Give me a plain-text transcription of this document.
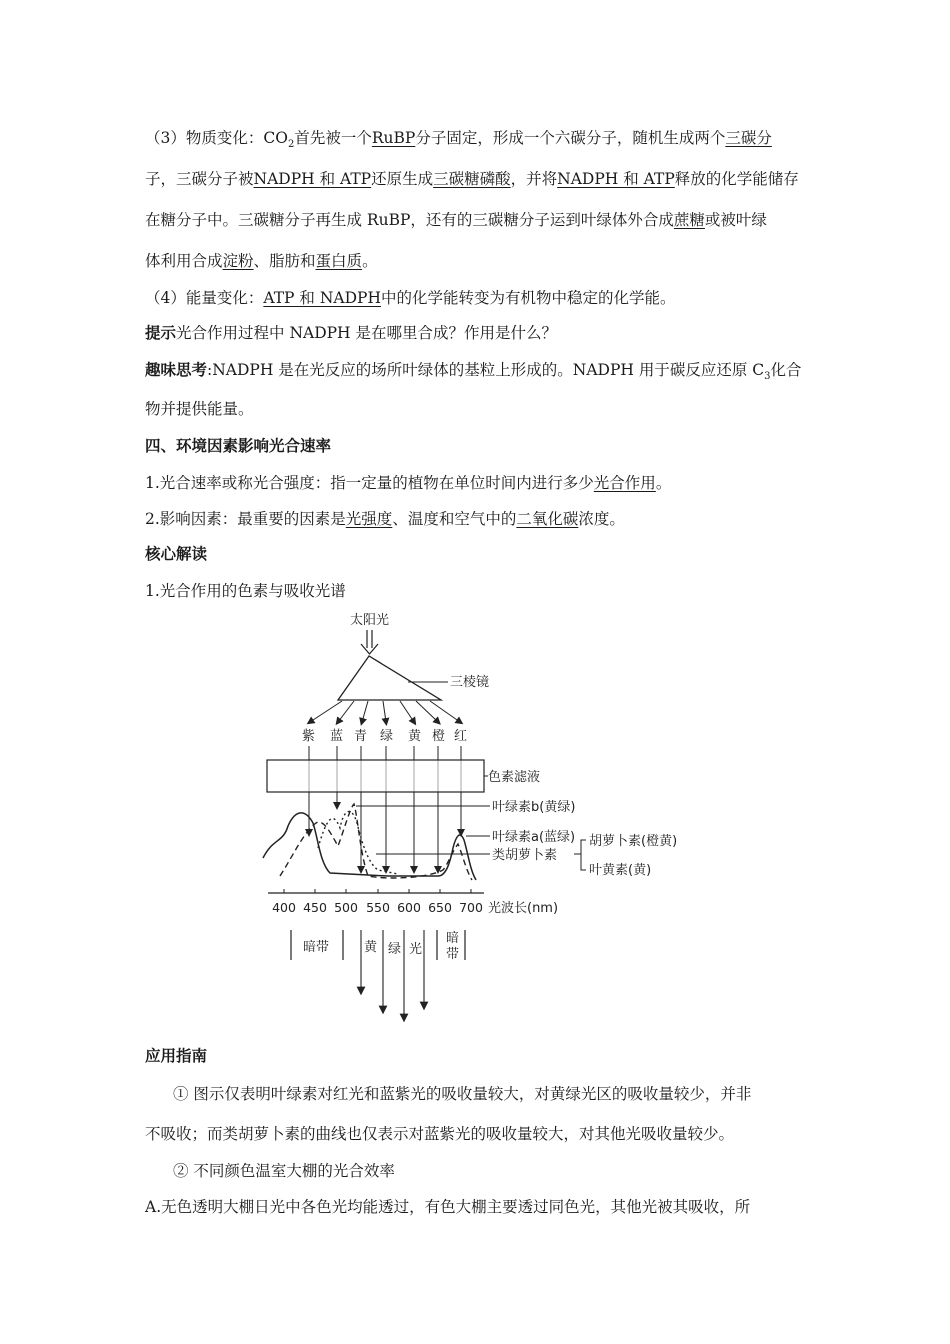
（3）物质变化：$CO_2$首先被一个RuBP分子固定，形成一个六碳分子，随机生成两个三碳分
子，三碳分子被NADPH 和 ATP还原生成三碳糖磷酸，并将NADPH 和 ATP释放的化学能储存
在糖分子中。三碳糖分子再生成 RuBP，还有的三碳糖分子运到叶绿体外合成蔗糖或被叶绿
体利用合成淀粉、脂肪和蛋白质。
（4）能量变化：ATP 和 NADPH中的化学能转变为有机物中稳定的化学能。
提示光合作用过程中 NADPH 是在哪里合成？作用是什么？
趣味思考:NADPH 是在光反应的场所叶绿体的基粒上形成的。NADPH 用于碳反应还原 $C_3$化合
物并提供能量。
四、环境因素影响光合速率
1.光合速率或称光合强度：指一定量的植物在单位时间内进行多少光合作用。
2.影响因素：最重要的因素是光强度、温度和空气中的二氧化碳浓度。
核心解读
1.光合作用的色素与吸收光谱
太阳光
三棱镜
紫 蓝 青 绿 黄 橙 红
色素滤液
叶绿素b(黄绿)
叶绿素a(蓝绿)
类胡萝卜素
胡萝卜素(橙黄)
叶黄素(黄)
400 450 500 550 600 650 700 光波长(nm)
暗带
暗
带
黄 绿 光
应用指南
① 图示仅表明叶绿素对红光和蓝紫光的吸收量较大，对黄绿光区的吸收量较少，并非
不吸收；而类胡萝卜素的曲线也仅表示对蓝紫光的吸收量较大，对其他光吸收量较少。
② 不同颜色温室大棚的光合效率
A.无色透明大棚日光中各色光均能透过，有色大棚主要透过同色光，其他光被其吸收，所
